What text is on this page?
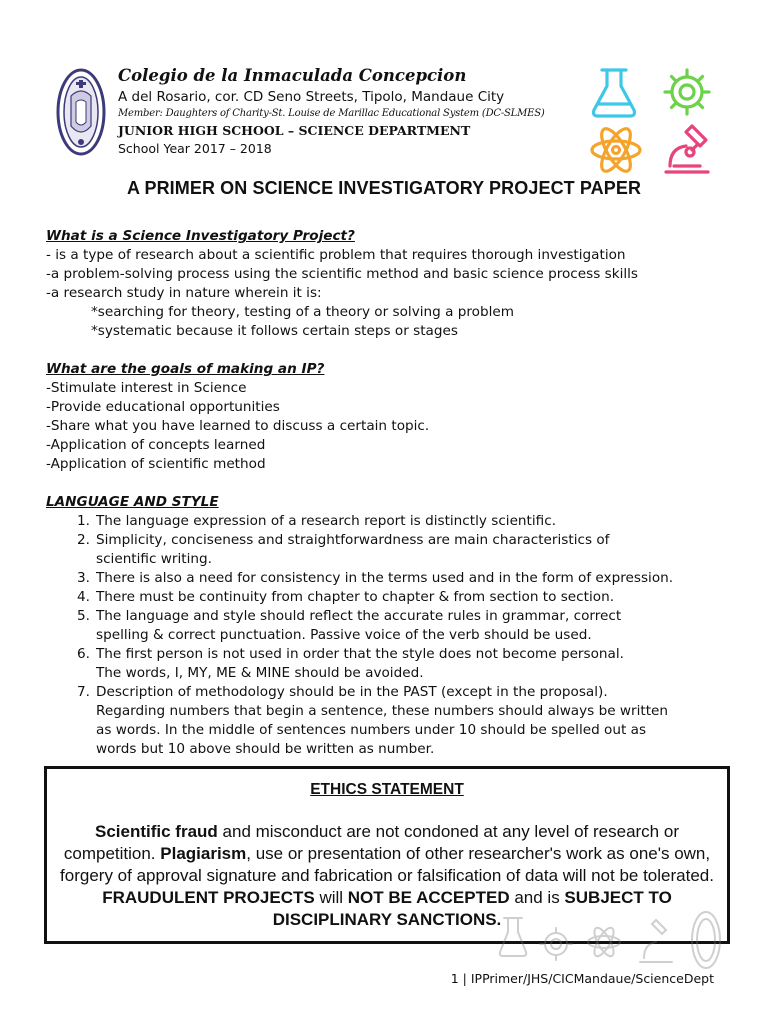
Colegio de la Inmaculada Concepcion
A del Rosario, cor. CD Seno Streets, Tipolo, Mandaue City
Member: Daughters of Charity-St. Louise de Marillac Educational System (DC-SLMES)
JUNIOR HIGH SCHOOL – SCIENCE DEPARTMENT
School Year 2017 – 2018
A PRIMER ON SCIENCE INVESTIGATORY PROJECT PAPER
What is a Science Investigatory Project?
- is a type of research about a scientific problem that requires thorough investigation
-a problem-solving process using the scientific method and basic science process skills
-a research study in nature wherein it is:
*searching for theory, testing of a theory or solving a problem
*systematic because it follows certain steps or stages
What are the goals of making an IP?
-Stimulate interest in Science
-Provide educational opportunities
-Share what you have learned to discuss a certain topic.
-Application of concepts learned
-Application of scientific method
LANGUAGE AND STYLE
1. The language expression of a research report is distinctly scientific.
2. Simplicity, conciseness and straightforwardness are main characteristics of
scientific writing.
3. There is also a need for consistency in the terms used and in the form of expression.
4. There must be continuity from chapter to chapter & from section to section.
5. The language and style should reflect the accurate rules in grammar, correct
spelling & correct punctuation. Passive voice of the verb should be used.
6. The first person is not used in order that the style does not become personal.
The words, I, MY, ME & MINE should be avoided.
7. Description of methodology should be in the PAST (except in the proposal).
Regarding numbers that begin a sentence, these numbers should always be written
as words. In the middle of sentences numbers under 10 should be spelled out as
words but 10 above should be written as number.
ETHICS STATEMENT
Scientific fraud and misconduct are not condoned at any level of research or competition. Plagiarism, use or presentation of other researcher's work as one's own, forgery of approval signature and fabrication or falsification of data will not be tolerated. FRAUDULENT PROJECTS will NOT BE ACCEPTED and is SUBJECT TO DISCIPLINARY SANCTIONS.
1 | IPPrimer/JHS/CICMandaue/ScienceDept
